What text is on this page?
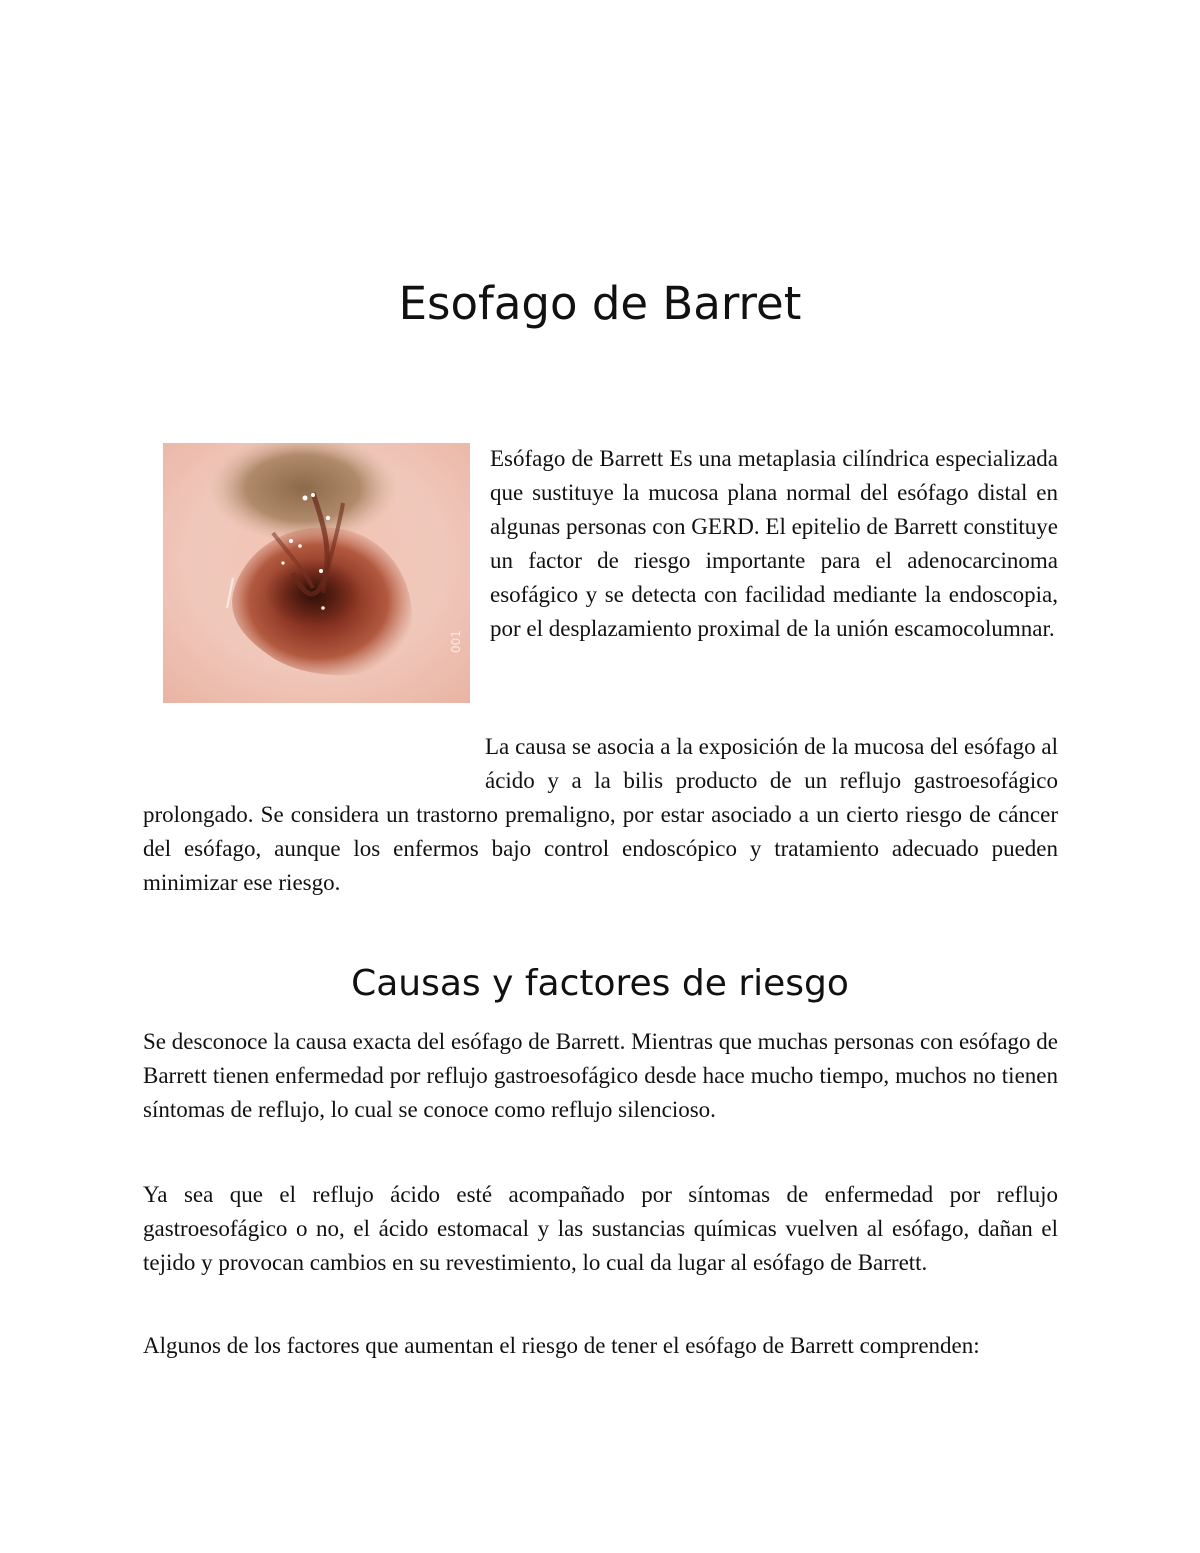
Esofago de Barret
001

Esófago de Barrett Es una metaplasia cilíndrica especializada que sustituye la mucosa plana normal del esófago distal en algunas personas con GERD. El epitelio de Barrett constituye un factor de riesgo importante para el adenocarcinoma esofágico y se detecta con facilidad mediante la endoscopia, por el desplazamiento proximal de la unión escamocolumnar.

La causa se asocia a la exposición de la mucosa del esófago al ácido y a la bilis producto de un reflujo gastroesofágico prolongado. Se considera un trastorno premaligno, por estar asociado a un cierto riesgo de cáncer del esófago, aunque los enfermos bajo control endoscópico y tratamiento adecuado pueden minimizar ese riesgo.

Causas y factores de riesgo

Se desconoce la causa exacta del esófago de Barrett. Mientras que muchas personas con esófago de Barrett tienen enfermedad por reflujo gastroesofágico desde hace mucho tiempo, muchos no tienen síntomas de reflujo, lo cual se conoce como reflujo silencioso.

Ya sea que el reflujo ácido esté acompañado por síntomas de enfermedad por reflujo gastroesofágico o no, el ácido estomacal y las sustancias químicas vuelven al esófago, dañan el tejido y provocan cambios en su revestimiento, lo cual da lugar al esófago de Barrett.

Algunos de los factores que aumentan el riesgo de tener el esófago de Barrett comprenden:
